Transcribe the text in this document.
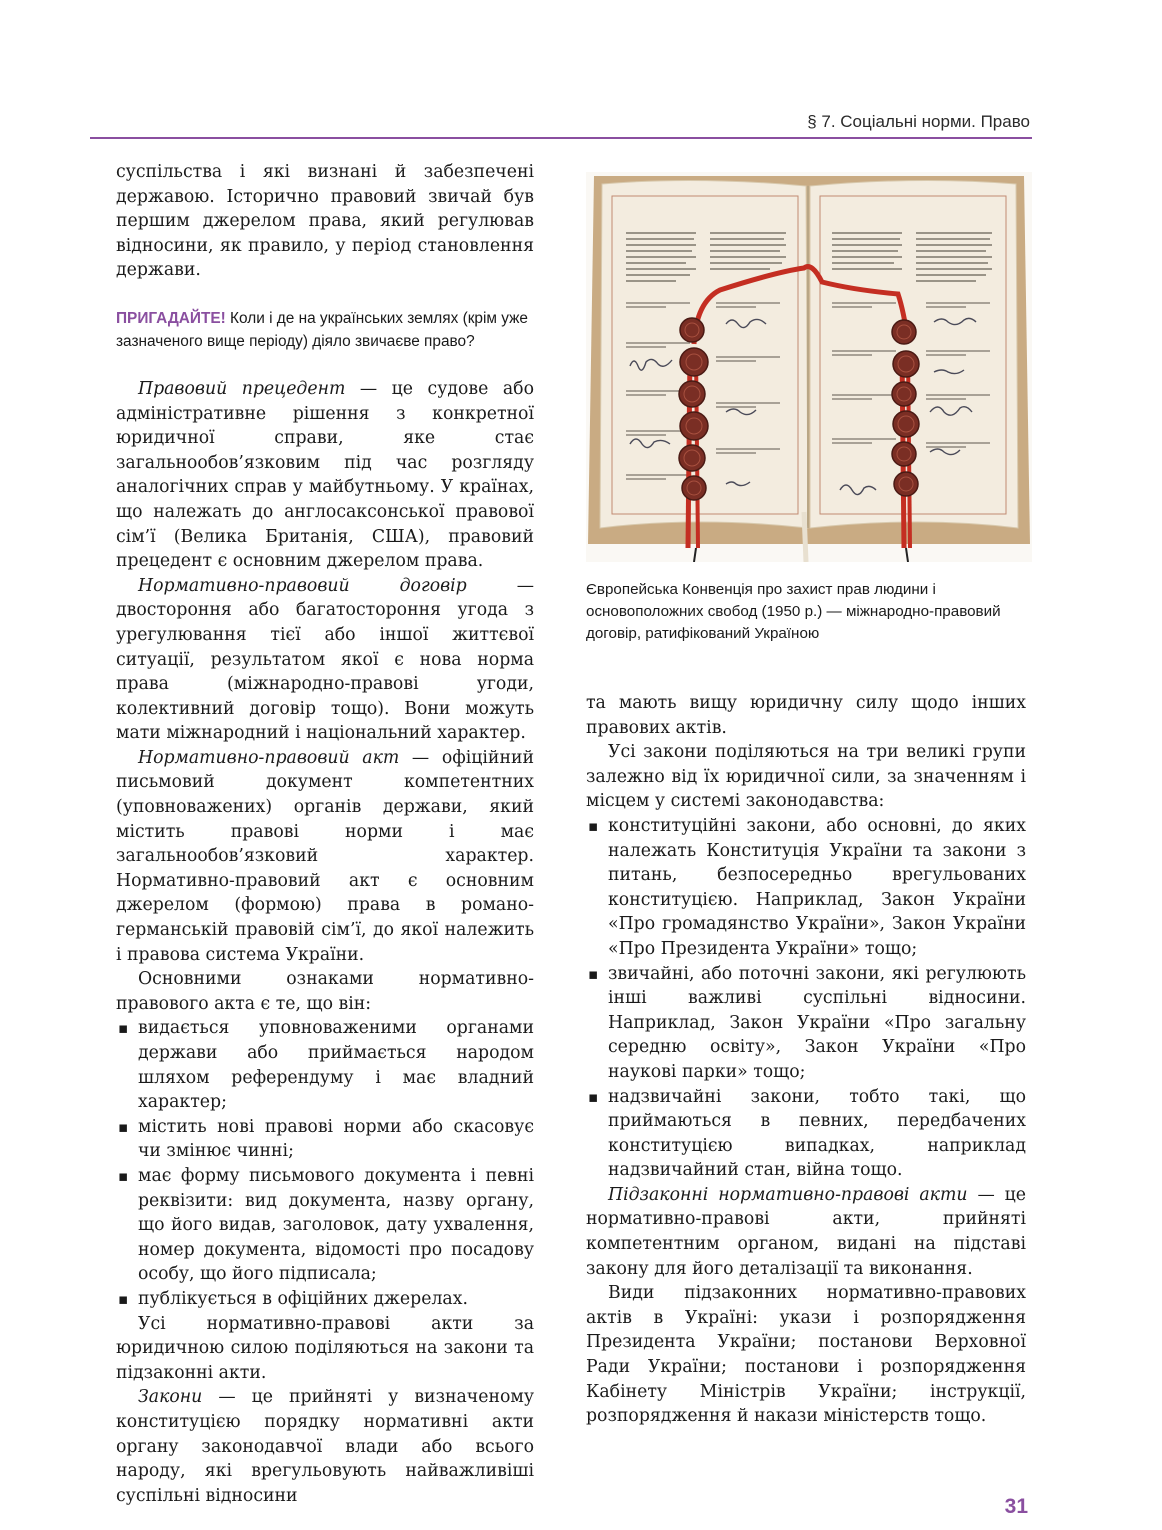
§ 7. Соціальні норми. Право

суспільства і які визнані й забезпечені державою. Історично правовий звичай був першим джерелом права, який регулював відносини, як правило, у період становлення держави.

ПРИГАДАЙТЕ! Коли і де на українських землях (крім уже зазначеного вище періоду) діяло звичаєве право?

Правовий прецедент — це судове або адміністративне рішення з конкретної юридичної справи, яке стає загальнообов’язковим під час розгляду аналогічних справ у майбутньому. У країнах, що належать до англосаксонської правової сім’ї (Велика Британія, США), правовий прецедент є основним джерелом права.

Нормативно-правовий договір — двостороння або багатостороння угода з урегулювання тієї або іншої життєвої ситуації, результатом якої є нова норма права (міжнародно-правові угоди, колективний договір тощо). Вони можуть мати міжнародний і національний характер.

Нормативно-правовий акт — офіційний письмовий документ компетентних (уповноважених) органів держави, який містить правові норми і має загальнообов’язковий характер. Нормативно-правовий акт є основним джерелом (формою) права в романо-германській правовій сім’ї, до якої належить і правова система України.

Основними ознаками нормативно-правового акта є те, що він:

▪ видається уповноваженими органами держави або приймається народом шляхом референдуму і має владний характер;

▪ містить нові правові норми або скасовує чи змінює чинні;

▪ має форму письмового документа і певні реквізити: вид документа, назву органу, що його видав, заголовок, дату ухвалення, номер документа, відомості про посадову особу, що його підписала;

▪ публікується в офіційних джерелах.

Усі нормативно-правові акти за юридичною силою поділяються на закони та підзаконні акти.

Закони — це прийняті у визначеному конституцією порядку нормативні акти органу законодавчої влади або всього народу, які врегульовують найважливіші суспільні відносини

Європейська Конвенція про захист прав людини і основоположних свобод (1950 р.) — міжнародно-правовий договір, ратифікований Україною

та мають вищу юридичну силу щодо інших правових актів.

Усі закони поділяються на три великі групи залежно від їх юридичної сили, за значенням і місцем у системі законодавства:

▪ конституційні закони, або основні, до яких належать Конституція України та закони з питань, безпосередньо врегульованих конституцією. Наприклад, Закон України «Про громадянство України», Закон України «Про Президента України» тощо;

▪ звичайні, або поточні закони, які регулюють інші важливі суспільні відносини. Наприклад, Закон України «Про загальну середню освіту», Закон України «Про наукові парки» тощо;

▪ надзвичайні закони, тобто такі, що приймаються в певних, передбачених конституцією випадках, наприклад надзвичайний стан, війна тощо.

Підзаконні нормативно-правові акти — це нормативно-правові акти, прийняті компетентним органом, видані на підставі закону для його деталізації та виконання.

Види підзаконних нормативно-правових актів в Україні: укази і розпорядження Президента України; постанови Верховної Ради України; постанови і розпорядження Кабінету Міністрів України; інструкції, розпорядження й накази міністерств тощо.

31
